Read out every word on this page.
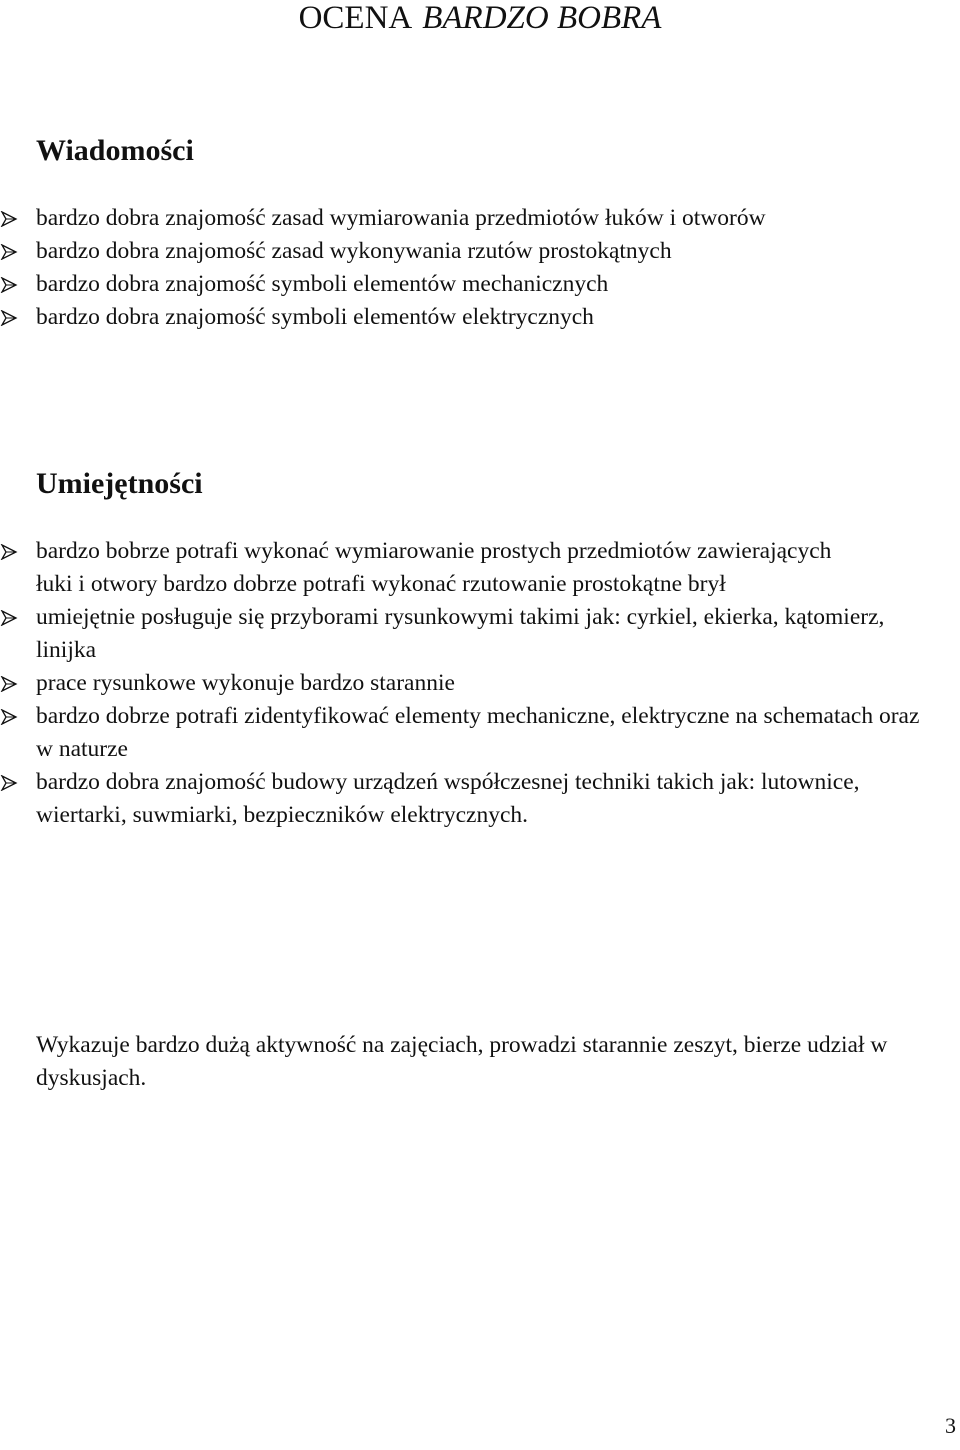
OCENA BARDZO BOBRA
Wiadomości
bardzo dobra znajomość zasad wymiarowania przedmiotów łuków i otworów
bardzo dobra znajomość zasad wykonywania rzutów prostokątnych
bardzo dobra znajomość symboli elementów mechanicznych
bardzo dobra znajomość symboli elementów elektrycznych
Umiejętności
bardzo bobrze potrafi wykonać wymiarowanie prostych przedmiotów zawierających
łuki i otwory bardzo dobrze potrafi wykonać rzutowanie prostokątne brył
umiejętnie posługuje się przyborami rysunkowymi takimi jak: cyrkiel, ekierka, kątomierz, linijka
prace rysunkowe wykonuje bardzo starannie
bardzo dobrze potrafi zidentyfikować elementy mechaniczne, elektryczne na schematach oraz w naturze
bardzo dobra znajomość budowy urządzeń współczesnej techniki takich jak: lutownice, wiertarki, suwmiarki, bezpieczników elektrycznych.

Wykazuje bardzo dużą aktywność na zajęciach, prowadzi starannie zeszyt, bierze udział w dyskusjach.

3
